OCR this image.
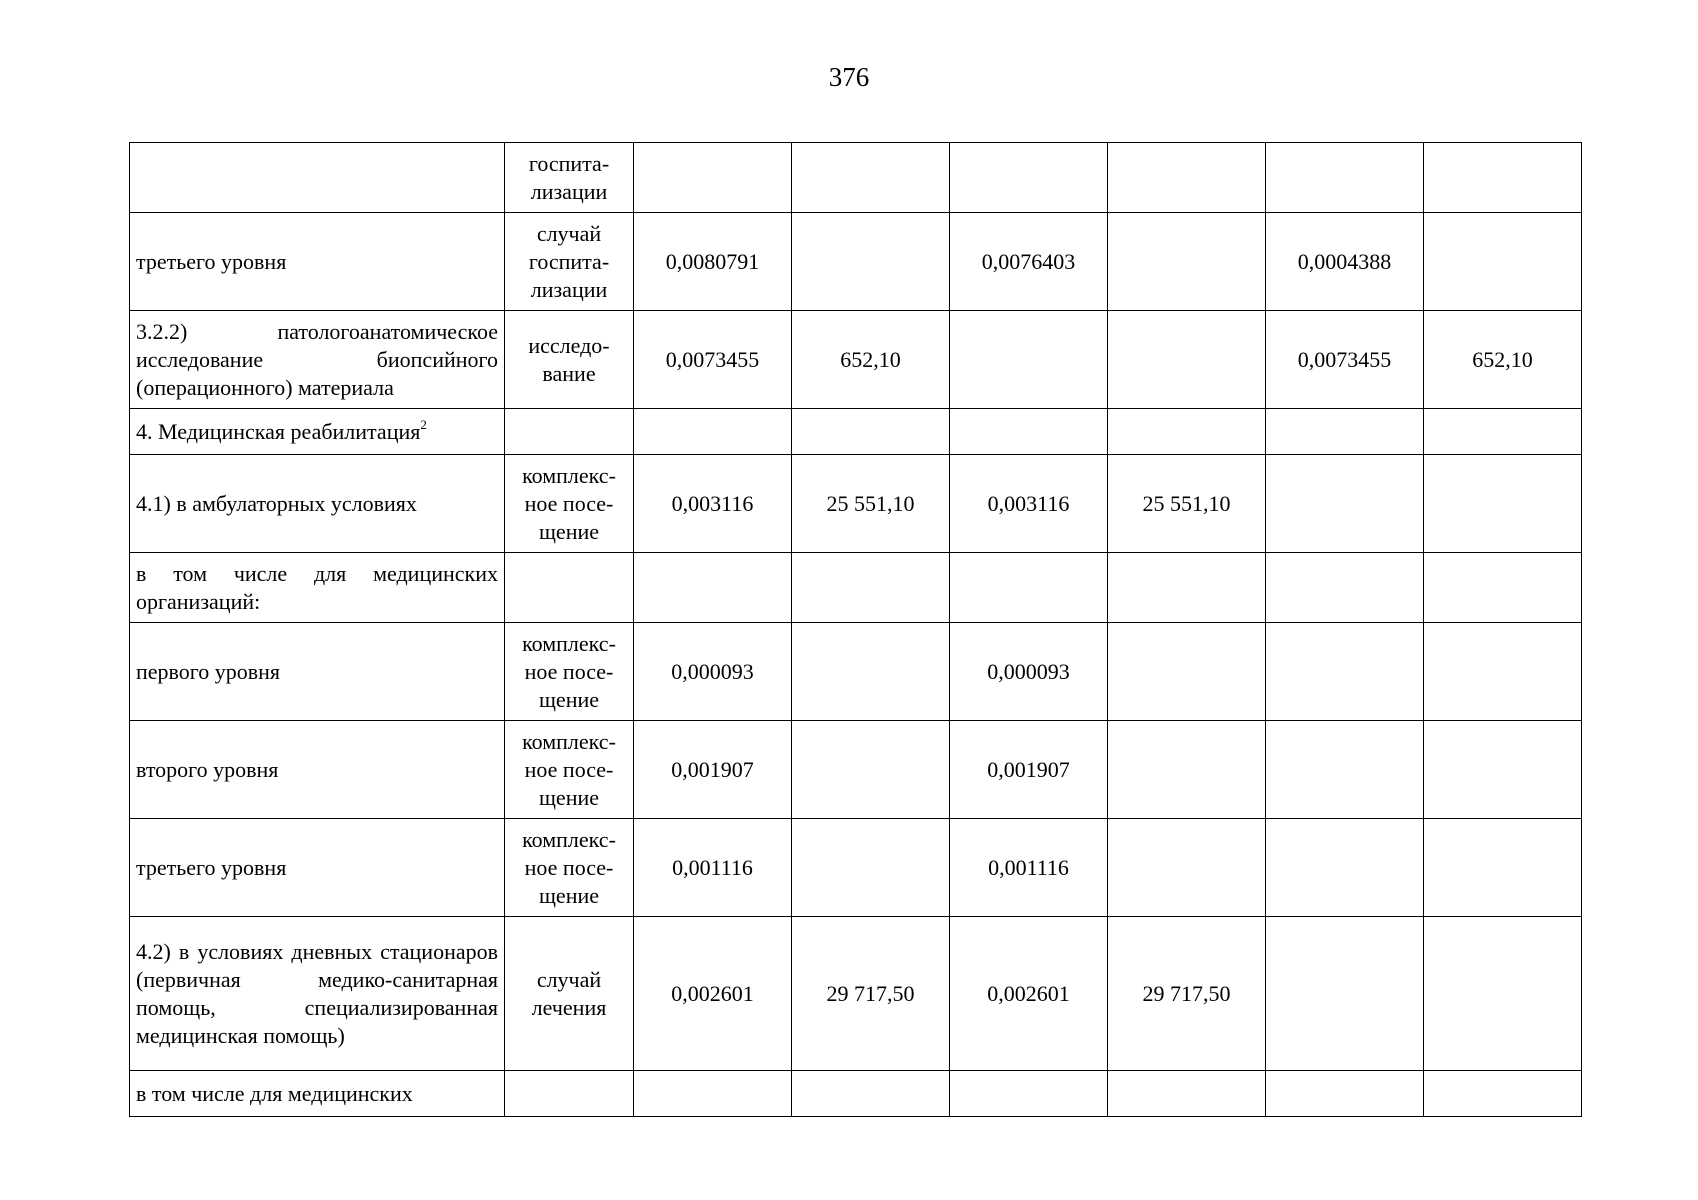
376
	госпита-
лизации						
третьего уровня	случай
госпита-
лизации	0,0080791		0,0076403		0,0004388	
3.2.2) патологоанатомическое исследование биопсийного (операционного) материала	исследо-
вание	0,0073455	652,10			0,0073455	652,10
4. Медицинская реабилитация$^2$							
4.1) в амбулаторных условиях	комплекс-
ное посе-
щение	0,003116	25 551,10	0,003116	25 551,10		
в том числе для медицинских организаций:							
первого уровня	комплекс-
ное посе-
щение	0,000093		0,000093			
второго уровня	комплекс-
ное посе-
щение	0,001907		0,001907			
третьего уровня	комплекс-
ное посе-
щение	0,001116		0,001116			
4.2) в условиях дневных стационаров (первичная медико-санитарная помощь, специализированная медицинская помощь)	случай
лечения	0,002601	29 717,50	0,002601	29 717,50		
в том числе для медицинских							
